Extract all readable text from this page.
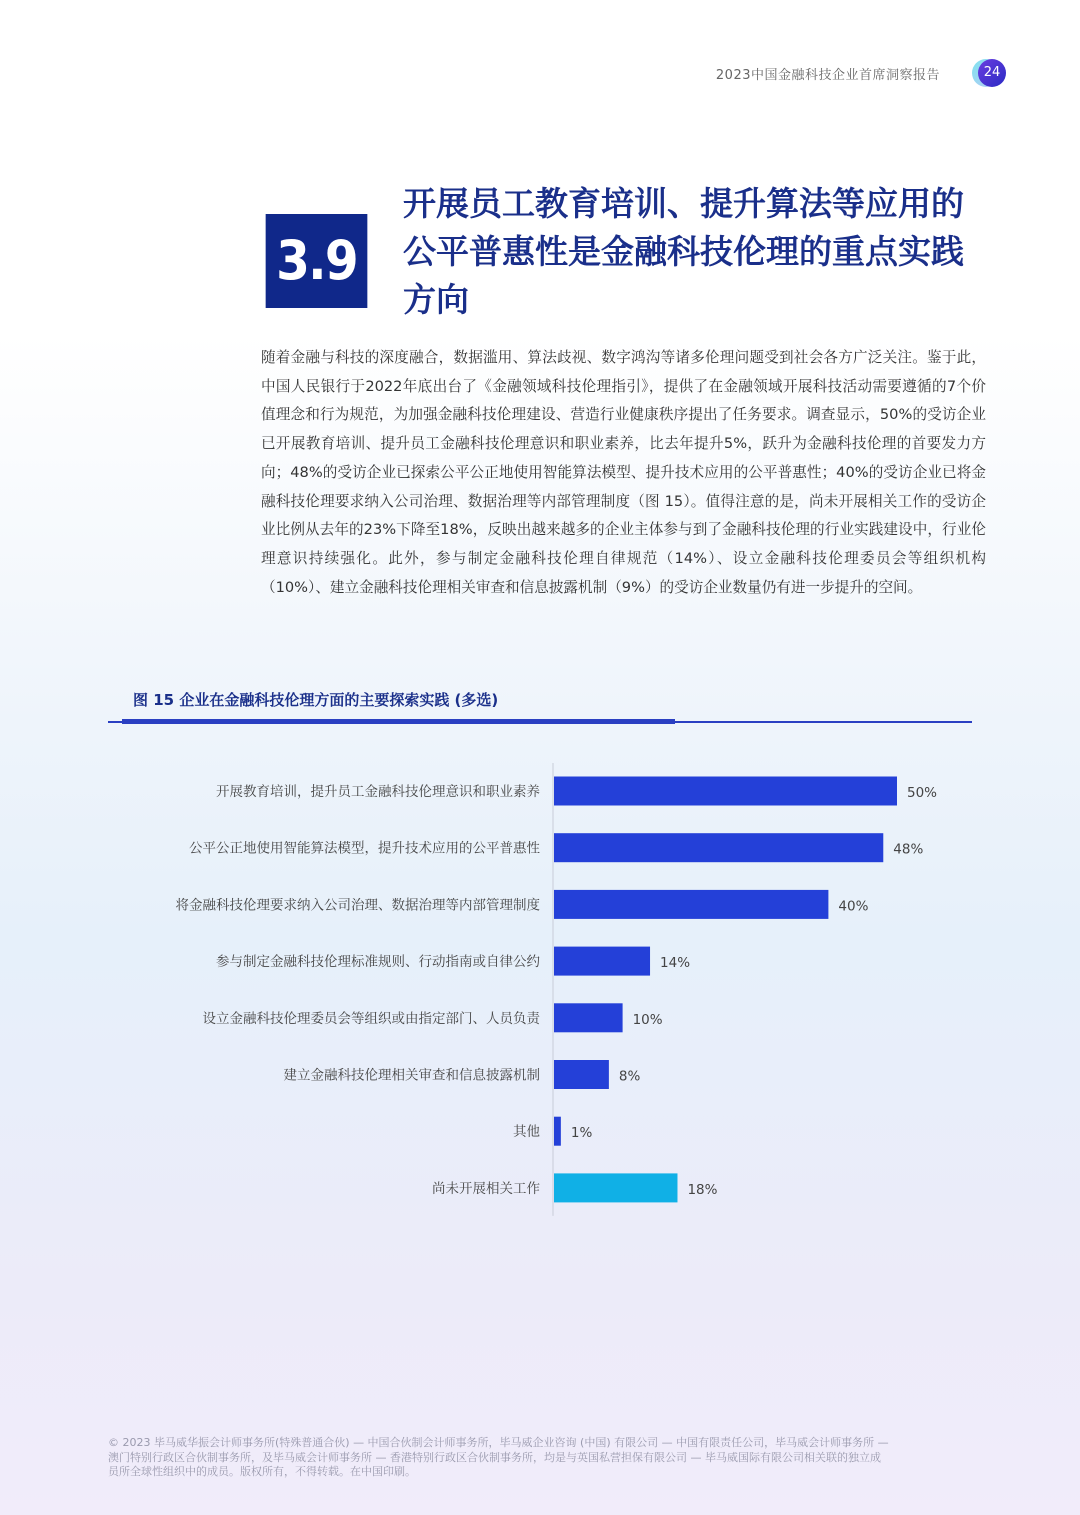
2023中国金融科技企业首席洞察报告	24
3.9
开展员工教育培训、提升算法等应用的公平普惠性是金融科技伦理的重点实践方向
随着金融与科技的深度融合，数据滥用、算法歧视、数字鸿沟等诸多伦理问题受到社会各方广泛关注。鉴于此，中国人民银行于2022年底出台了《金融领域科技伦理指引》，提供了在金融领域开展科技活动需要遵循的7个价值理念和行为规范，为加强金融科技伦理建设、营造行业健康秩序提出了任务要求。调查显示，50%的受访企业已开展教育培训、提升员工金融科技伦理意识和职业素养，比去年提升5%，跃升为金融科技伦理的首要发力方向；48%的受访企业已探索公平公正地使用智能算法模型、提升技术应用的公平普惠性；40%的受访企业已将金融科技伦理要求纳入公司治理、数据治理等内部管理制度（图 15）。值得注意的是，尚未开展相关工作的受访企业比例从去年的23%下降至18%，反映出越来越多的企业主体参与到了金融科技伦理的行业实践建设中，行业伦理意识持续强化。此外，参与制定金融科技伦理自律规范（14%）、设立金融科技伦理委员会等组织机构（10%）、建立金融科技伦理相关审查和信息披露机制（9%）的受访企业数量仍有进一步提升的空间。
图 15 企业在金融科技伦理方面的主要探索实践 (多选)
开展教育培训，提升员工金融科技伦理意识和职业素养	50%
公平公正地使用智能算法模型，提升技术应用的公平普惠性	48%
将金融科技伦理要求纳入公司治理、数据治理等内部管理制度	40%
参与制定金融科技伦理标准规则、行动指南或自律公约	14%
设立金融科技伦理委员会等组织或由指定部门、人员负责	10%
建立金融科技伦理相关审查和信息披露机制	8%
其他 1%
尚未开展相关工作	18%
© 2023 毕马威华振会计师事务所(特殊普通合伙) — 中国合伙制会计师事务所，毕马威企业咨询 (中国) 有限公司 — 中国有限责任公司，毕马威会计师事务所 —
澳门特别行政区合伙制事务所，及毕马威会计师事务所 — 香港特别行政区合伙制事务所，均是与英国私营担保有限公司 — 毕马威国际有限公司相关联的独立成
员所全球性组织中的成员。版权所有，不得转载。在中国印刷。
